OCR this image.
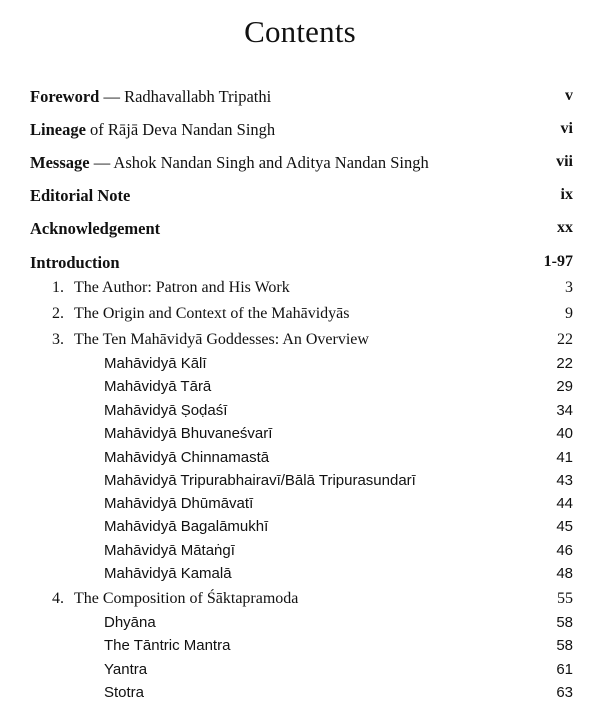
Contents
Foreword — Radhavallabh Tripathi	v
Lineage of Rājā Deva Nandan Singh	vi
Message — Ashok Nandan Singh and Aditya Nandan Singh	vii
Editorial Note	ix
Acknowledgement	xx
Introduction	1-97
1. The Author: Patron and His Work	3
2. The Origin and Context of the Mahāvidyās	9
3. The Ten Mahāvidyā Goddesses: An Overview	22
Mahāvidyā Kālī	22
Mahāvidyā Tārā	29
Mahāvidyā Ṣoḍaśī	34
Mahāvidyā Bhuvaneśvarī	40
Mahāvidyā Chinnamastā	41
Mahāvidyā Tripurabhairavī/Bālā Tripurasundarī	43
Mahāvidyā Dhūmāvatī	44
Mahāvidyā Bagalāmukhī	45
Mahāvidyā Mātaṅgī	46
Mahāvidyā Kamalā	48
4. The Composition of Śāktapramoda	55
Dhyāna	58
The Tāntric Mantra	58
Yantra	61
Stotra	63
